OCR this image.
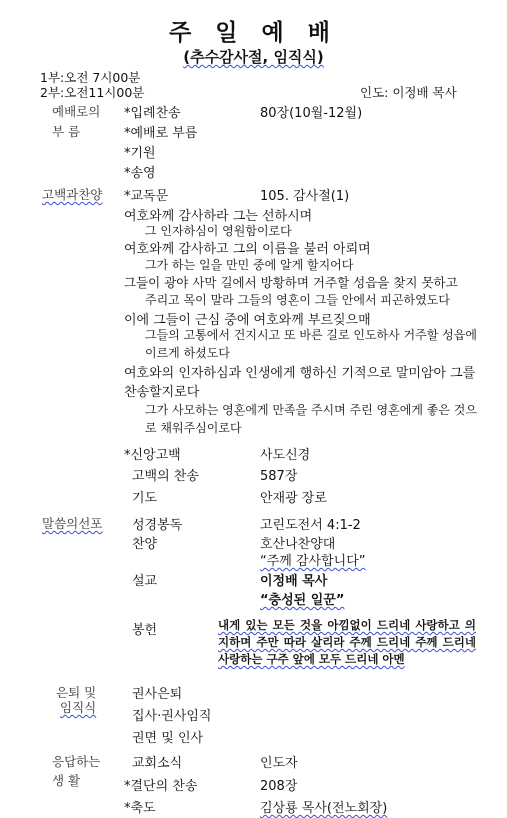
주 일 예 배
(추수감사절, 임직식)
1부:오전 7시00분
2부:오전11시00분	인도: 이정배 목사
예배로의
부 름
*입례찬송	80장(10월-12월)
*예배로 부름
*기원
*송영
고백과찬양 *교독문	105. 감사절(1)
여호와께 감사하라 그는 선하시며
그 인자하심이 영원함이로다
여호와께 감사하고 그의 이름을 불러 아뢰며
그가 하는 일을 만민 중에 알게 할지어다
그들이 광야 사막 길에서 방황하며 거주할 성읍을 찾지 못하고
주리고 목이 말라 그들의 영혼이 그들 안에서 피곤하였도다
이에 그들이 근심 중에 여호와께 부르짖으매
그들의 고통에서 건지시고 또 바른 길로 인도하사 거주할 성읍에 이르게 하셨도다
여호와의 인자하심과 인생에게 행하신 기적으로 말미암아 그를 찬송할지로다
그가 사모하는 영혼에게 만족을 주시며 주린 영혼에게 좋은 것으로 채워주심이로다
*신앙고백	사도신경
고백의 찬송	587장
기도	안재광 장로
말씀의선포 성경봉독	고린도전서 4:1-2
찬양	호산나찬양대
“주께 감사합니다”
설교	이정배 목사
“충성된 일꾼”
봉헌	내게 있는 모든 것을 아낌없이 드리네 사랑하고 의지하며 주만 따라 살리라 주께 드리네 주께 드리네 사랑하는 구주 앞에 모두 드리네 아멘
은퇴 및
임직식
권사은퇴
집사·권사임직
권면 및 인사
응답하는
생 활
교회소식	인도자
*결단의 찬송	208장
*축도	김상룡 목사(전노회장)
